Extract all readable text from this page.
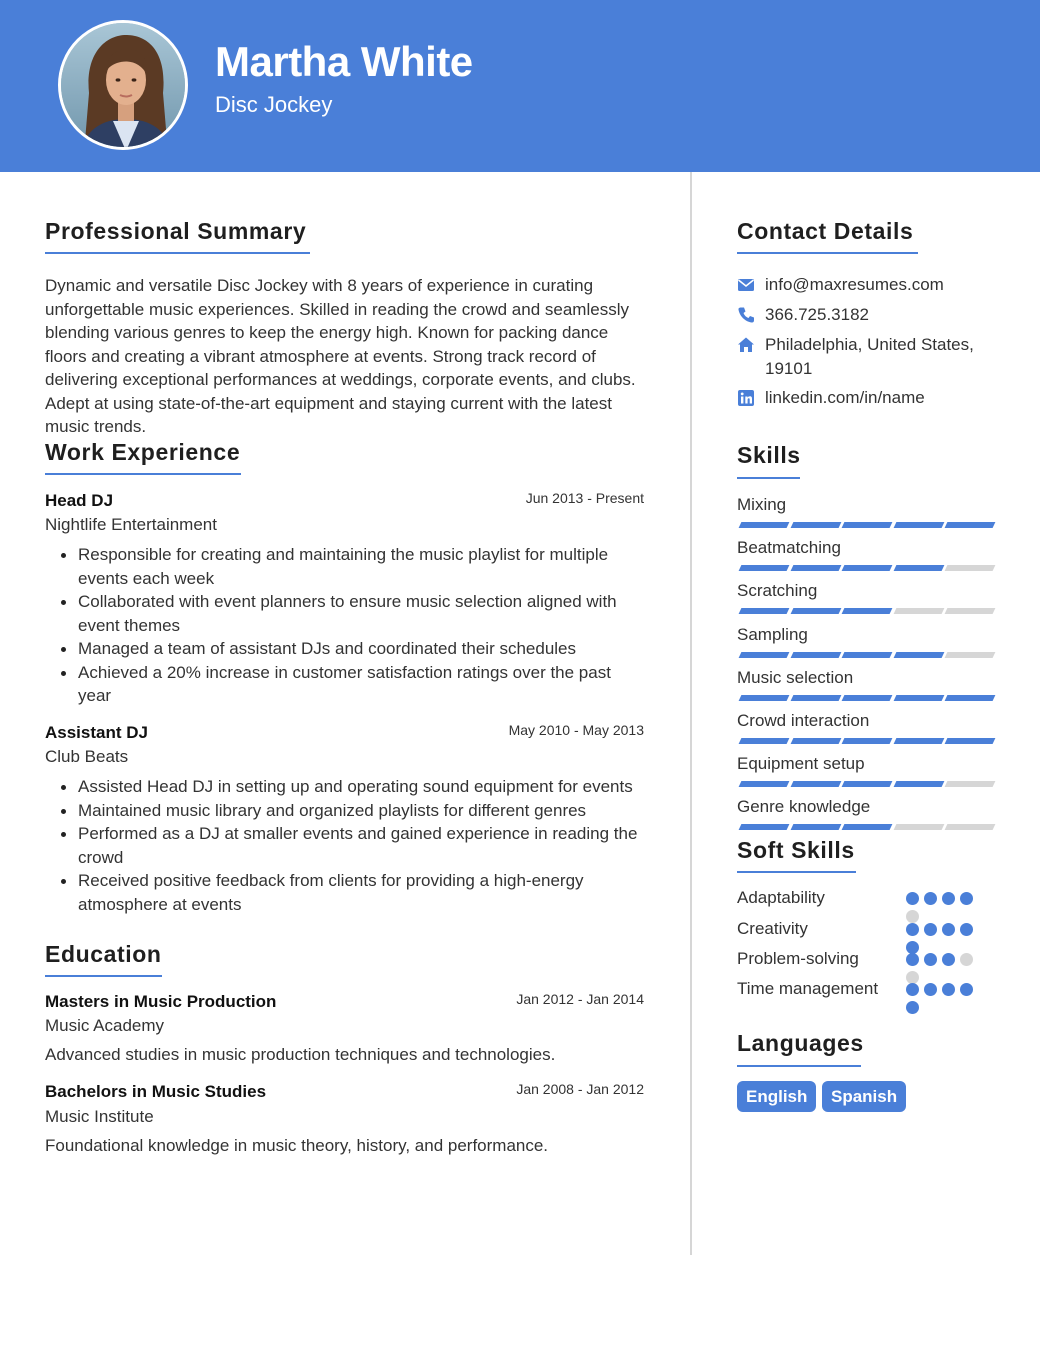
Martha White
Disc Jockey
Professional Summary
Dynamic and versatile Disc Jockey with 8 years of experience in curating unforgettable music experiences. Skilled in reading the crowd and seamlessly blending various genres to keep the energy high. Known for packing dance floors and creating a vibrant atmosphere at events. Strong track record of delivering exceptional performances at weddings, corporate events, and clubs. Adept at using state-of-the-art equipment and staying current with the latest music trends.
Work Experience
Head DJ	Jun 2013 - Present
Nightlife Entertainment
Responsible for creating and maintaining the music playlist for multiple events each week
Collaborated with event planners to ensure music selection aligned with event themes
Managed a team of assistant DJs and coordinated their schedules
Achieved a 20% increase in customer satisfaction ratings over the past year
Assistant DJ	May 2010 - May 2013
Club Beats
Assisted Head DJ in setting up and operating sound equipment for events
Maintained music library and organized playlists for different genres
Performed as a DJ at smaller events and gained experience in reading the crowd
Received positive feedback from clients for providing a high-energy atmosphere at events
Education
Masters in Music Production	Jan 2012 - Jan 2014
Music Academy
Advanced studies in music production techniques and technologies.
Bachelors in Music Studies	Jan 2008 - Jan 2012
Music Institute
Foundational knowledge in music theory, history, and performance.
Contact Details
info@maxresumes.com
366.725.3182
Philadelphia, United States, 19101
linkedin.com/in/name
Skills
Mixing
Beatmatching
Scratching
Sampling
Music selection
Crowd interaction
Equipment setup
Genre knowledge
Soft Skills
Adaptability
Creativity
Problem-solving
Time management
Languages
English	Spanish
